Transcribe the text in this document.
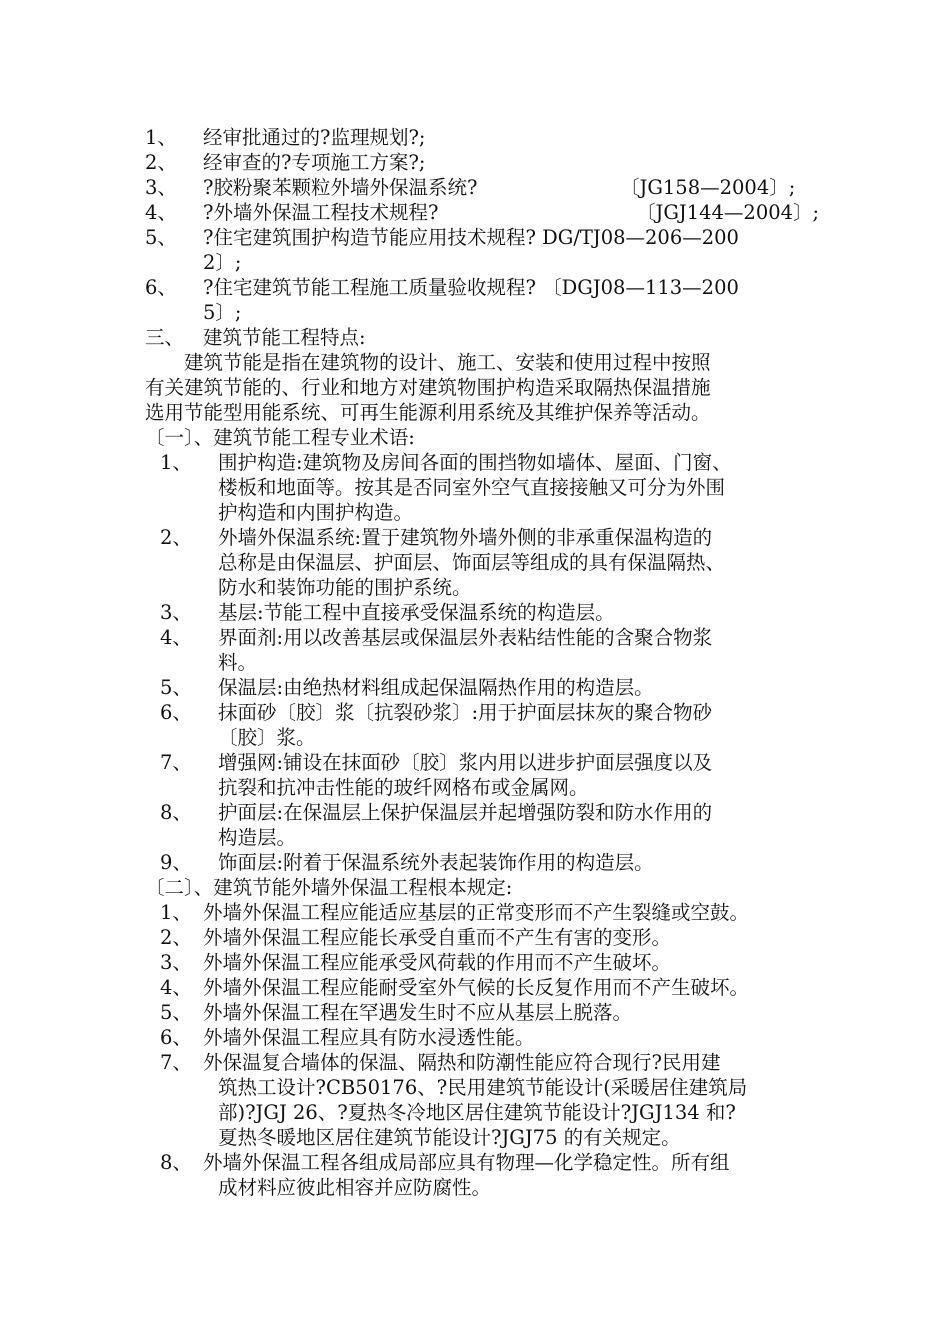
1、 经审批通过的?监理规划?;
2、 经审查的?专项施工方案?;
3、 ?胶粉聚苯颗粒外墙外保温系统?	〔JG158—2004〕;
4、 ?外墙外保温工程技术规程?	〔JGJ144—2004〕;
5、 ?住宅建筑围护构造节能应用技术规程? DG/TJ08—206—200
2〕;
6、 ?住宅建筑节能工程施工质量验收规程? 〔DGJ08—113—200
5〕;
三、 建筑节能工程特点:
建筑节能是指在建筑物的设计、施工、安装和使用过程中按照
有关建筑节能的、行业和地方对建筑物围护构造采取隔热保温措施
选用节能型用能系统、可再生能源利用系统及其维护保养等活动。
〔一〕、建筑节能工程专业术语:
1、 围护构造:建筑物及房间各面的围挡物如墙体、屋面、门窗、
楼板和地面等。按其是否同室外空气直接接触又可分为外围
护构造和内围护构造。
2、 外墙外保温系统:置于建筑物外墙外侧的非承重保温构造的
总称是由保温层、护面层、饰面层等组成的具有保温隔热、
防水和装饰功能的围护系统。
3、 基层:节能工程中直接承受保温系统的构造层。
4、 界面剂:用以改善基层或保温层外表粘结性能的含聚合物浆
料。
5、 保温层:由绝热材料组成起保温隔热作用的构造层。
6、 抹面砂〔胶〕浆〔抗裂砂浆〕:用于护面层抹灰的聚合物砂
〔胶〕浆。
7、 增强网:铺设在抹面砂〔胶〕浆内用以进步护面层强度以及
抗裂和抗冲击性能的玻纤网格布或金属网。
8、 护面层:在保温层上保护保温层并起增强防裂和防水作用的
构造层。
9、 饰面层:附着于保温系统外表起装饰作用的构造层。
〔二〕、建筑节能外墙外保温工程根本规定:
1、 外墙外保温工程应能适应基层的正常变形而不产生裂缝或空鼓。
2、 外墙外保温工程应能长承受自重而不产生有害的变形。
3、 外墙外保温工程应能承受风荷载的作用而不产生破坏。
4、 外墙外保温工程应能耐受室外气候的长反复作用而不产生破坏。
5、 外墙外保温工程在罕遇发生时不应从基层上脱落。
6、 外墙外保温工程应具有防水浸透性能。
7、 外保温复合墙体的保温、隔热和防潮性能应符合现行?民用建
筑热工设计?CB50176、?民用建筑节能设计(采暖居住建筑局
部)?JGJ 26、?夏热冬冷地区居住建筑节能设计?JGJ134 和?
夏热冬暖地区居住建筑节能设计?JGJ75 的有关规定。
8、 外墙外保温工程各组成局部应具有物理—化学稳定性。所有组
成材料应彼此相容并应防腐性。
